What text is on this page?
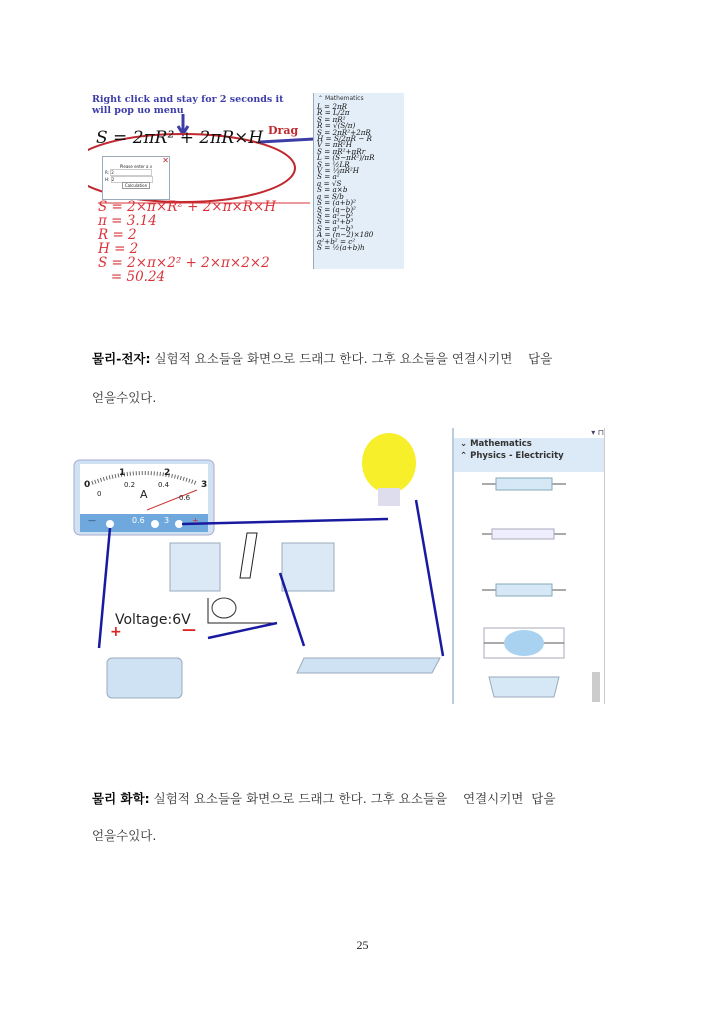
Right click and stay for 2 seconds it will pop uo menu
S = 2πR² + 2πR×H Drag
✕
Please enter a v
R: 2
H: 2
Calculation
S = 2×π×R² + 2×π×R×H
π = 3.14
R = 2
H = 2
S = 2×π×2² + 2×π×2×2
= 50.24
⌃ Mathematics
L = 2πR
R = L/2π
S = πR²
R = √(S/π)
S = 2πR²+2πR
H = S/2πR − R
V = πR²H
S = πR²+πRr
L = (S−πR²)/πR
S = ½LR
V = ⅓πR²H
S = a²
a = √S
S = a×b
a = S/b
S = (a+b)²
S = (a−b)²
S = a²−b²
S = a³+b³
S = a³−b³
A = (n−2)×180
a²+b² = c²
S = ½(a+b)h
물리-전자: 실험적 요소들을 화면으로 드래그 한다. 그후 요소들을 연결시키면    답을
얻을수있다.
0
1	2
3
0
0.2	0.4
0.6
A
—	0.6 3	+
Voltage:6V
+	—
▾ ⊓
⌄ Mathematics
⌃ Physics - Electricity
물리 화학: 실험적 요소들을 화면으로 드래그 한다. 그후 요소들을    연결시키면  답을
얻을수있다.
25
